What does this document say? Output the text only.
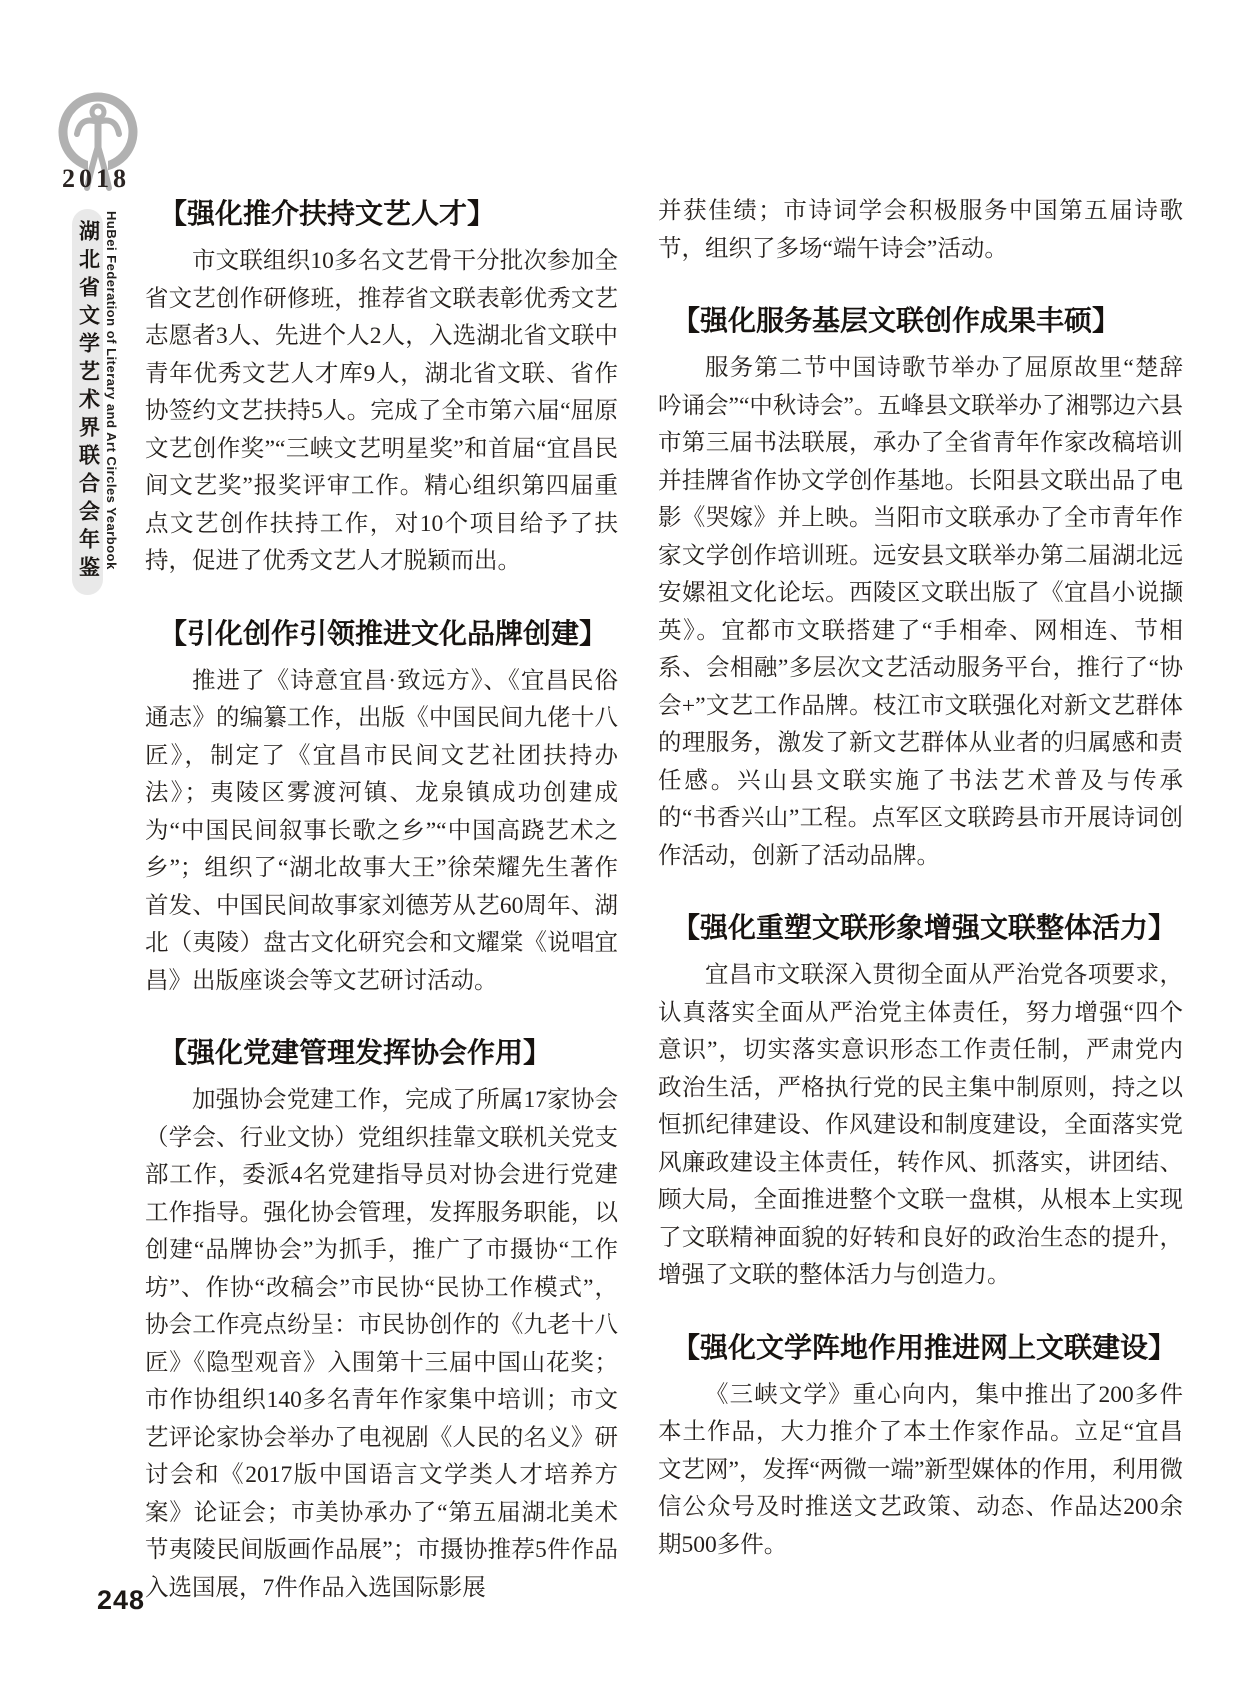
2018
湖北省文学艺术界联合会年鉴 HuBei Federation of Literary and Art Circles Yearbook	【强化推介扶持文艺人才】

市文联组织10多名文艺骨干分批次参加全省文艺创作研修班，推荐省文联表彰优秀文艺志愿者3人、先进个人2人，入选湖北省文联中青年优秀文艺人才库9人，湖北省文联、省作协签约文艺扶持5人。完成了全市第六届“屈原文艺创作奖”“三峡文艺明星奖”和首届“宜昌民间文艺奖”报奖评审工作。精心组织第四届重点文艺创作扶持工作，对10个项目给予了扶持，促进了优秀文艺人才脱颖而出。

【引化创作引领推进文化品牌创建】

推进了《诗意宜昌·致远方》、《宜昌民俗通志》的编纂工作，出版《中国民间九佬十八匠》，制定了《宜昌市民间文艺社团扶持办法》；夷陵区雾渡河镇、龙泉镇成功创建成为“中国民间叙事长歌之乡”“中国高跷艺术之乡”；组织了“湖北故事大王”徐荣耀先生著作首发、中国民间故事家刘德芳从艺60周年、湖北（夷陵）盘古文化研究会和文耀棠《说唱宜昌》出版座谈会等文艺研讨活动。

【强化党建管理发挥协会作用】

加强协会党建工作，完成了所属17家协会（学会、行业文协）党组织挂靠文联机关党支部工作，委派4名党建指导员对协会进行党建工作指导。强化协会管理，发挥服务职能，以创建“品牌协会”为抓手，推广了市摄协“工作坊”、作协“改稿会”市民协“民协工作模式”，协会工作亮点纷呈：市民协创作的《九老十八匠》《隐型观音》入围第十三届中国山花奖；市作协组织140多名青年作家集中培训；市文艺评论家协会举办了电视剧《人民的名义》研讨会和《2017版中国语言文学类人才培养方案》论证会；市美协承办了“第五届湖北美术节夷陵民间版画作品展”；市摄协推荐5件作品入选国展，7件作品入选国际影展

并获佳绩；市诗词学会积极服务中国第五届诗歌节，组织了多场“端午诗会”活动。

【强化服务基层文联创作成果丰硕】

服务第二节中国诗歌节举办了屈原故里“楚辞吟诵会”“中秋诗会”。五峰县文联举办了湘鄂边六县市第三届书法联展，承办了全省青年作家改稿培训并挂牌省作协文学创作基地。长阳县文联出品了电影《哭嫁》并上映。当阳市文联承办了全市青年作家文学创作培训班。远安县文联举办第二届湖北远安嫘祖文化论坛。西陵区文联出版了《宜昌小说撷英》。宜都市文联搭建了“手相牵、网相连、节相系、会相融”多层次文艺活动服务平台，推行了“协会+”文艺工作品牌。枝江市文联强化对新文艺群体的理服务，激发了新文艺群体从业者的归属感和责任感。兴山县文联实施了书法艺术普及与传承的“书香兴山”工程。点军区文联跨县市开展诗词创作活动，创新了活动品牌。

【强化重塑文联形象增强文联整体活力】

宜昌市文联深入贯彻全面从严治党各项要求，认真落实全面从严治党主体责任，努力增强“四个意识”，切实落实意识形态工作责任制，严肃党内政治生活，严格执行党的民主集中制原则，持之以恒抓纪律建设、作风建设和制度建设，全面落实党风廉政建设主体责任，转作风、抓落实，讲团结、顾大局，全面推进整个文联一盘棋，从根本上实现了文联精神面貌的好转和良好的政治生态的提升，增强了文联的整体活力与创造力。

【强化文学阵地作用推进网上文联建设】

《三峡文学》重心向内，集中推出了200多件本土作品，大力推介了本土作家作品。立足“宜昌文艺网”，发挥“两微一端”新型媒体的作用，利用微信公众号及时推送文艺政策、动态、作品达200余期500多件。

248
